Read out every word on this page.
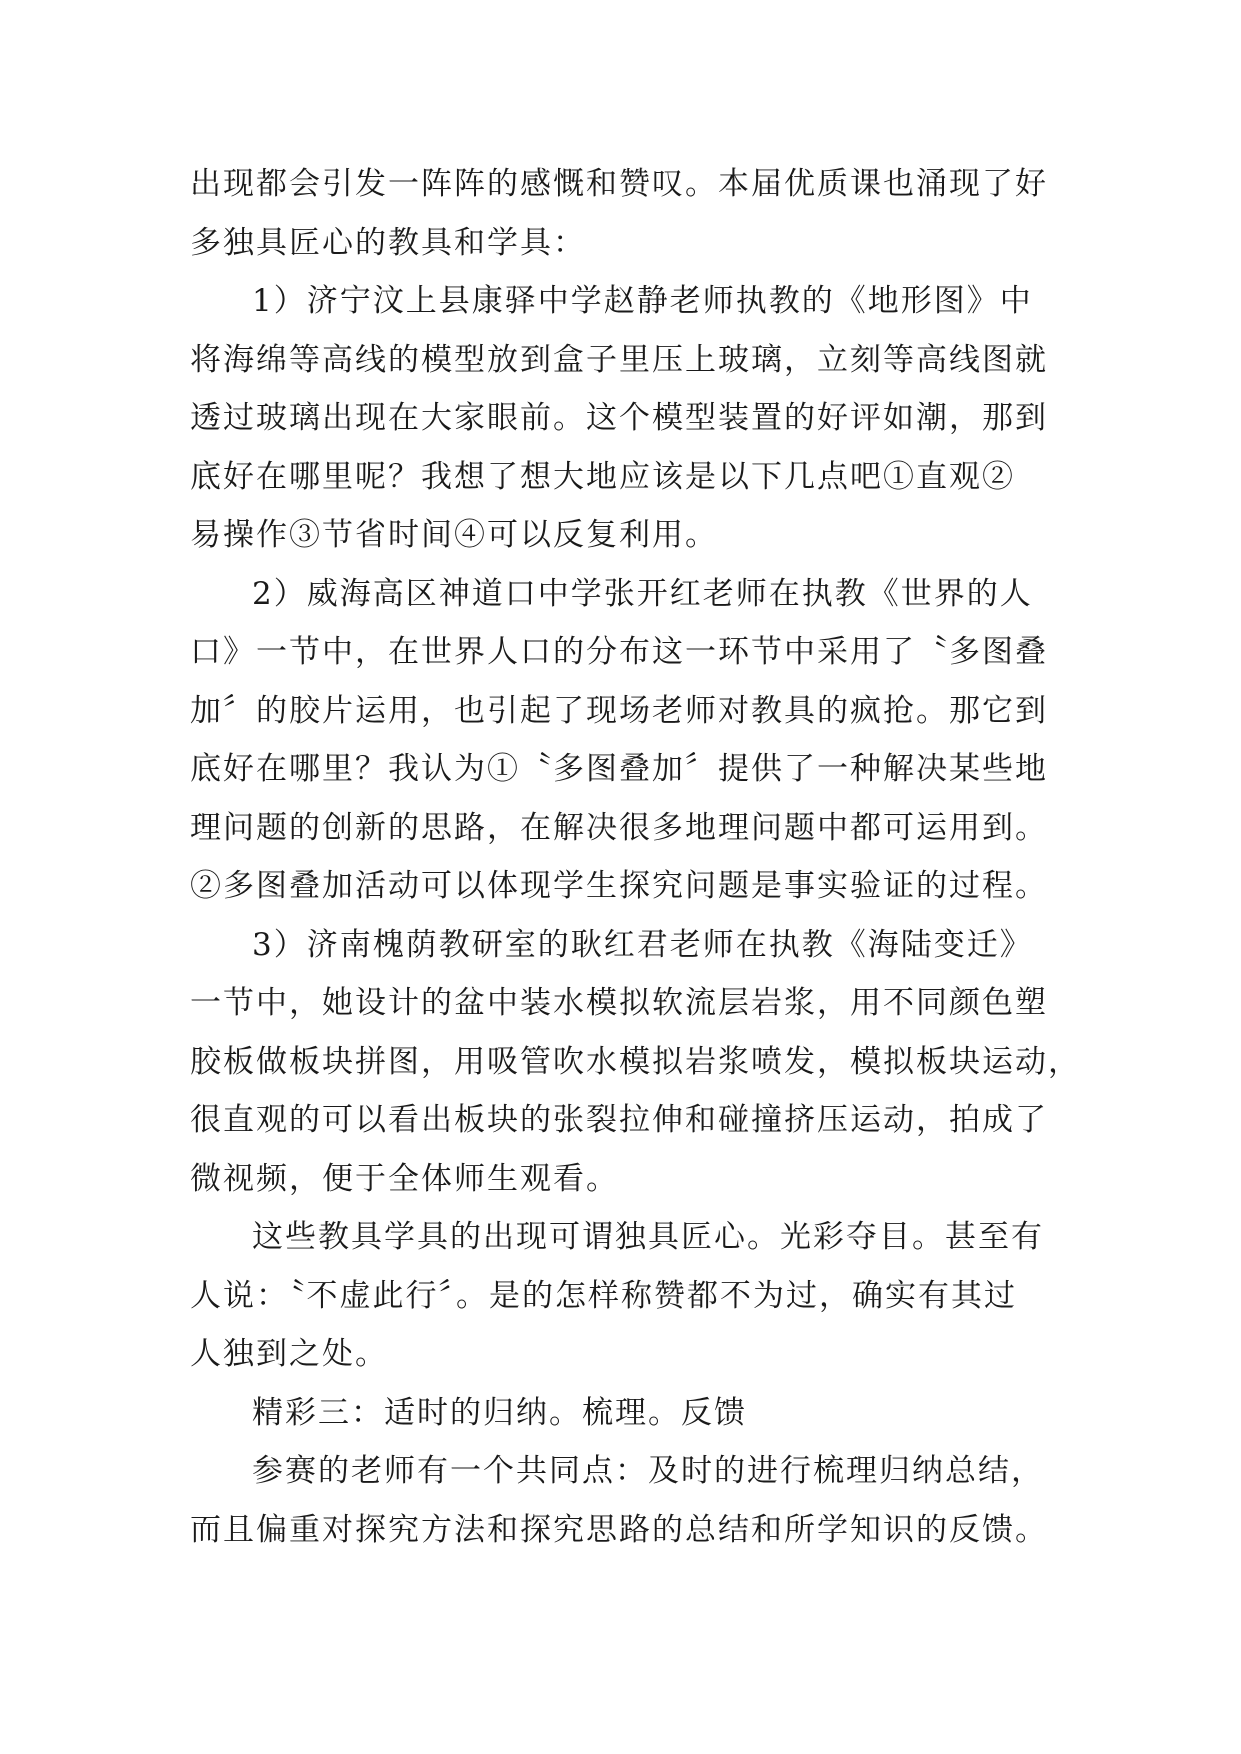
出现都会引发一阵阵的感慨和赞叹。本届优质课也涌现了好
多独具匠心的教具和学具：
1）济宁汶上县康驿中学赵静老师执教的《地形图》中
将海绵等高线的模型放到盒子里压上玻璃，立刻等高线图就
透过玻璃出现在大家眼前。这个模型装置的好评如潮，那到
底好在哪里呢？我想了想大地应该是以下几点吧①直观②
易操作③节省时间④可以反复利用。
2）威海高区神道口中学张开红老师在执教《世界的人
口》一节中，在世界人口的分布这一环节中采用了〝多图叠
加〞的胶片运用，也引起了现场老师对教具的疯抢。那它到
底好在哪里？我认为①〝多图叠加〞提供了一种解决某些地
理问题的创新的思路，在解决很多地理问题中都可运用到。
②多图叠加活动可以体现学生探究问题是事实验证的过程。
3）济南槐荫教研室的耿红君老师在执教《海陆变迁》
一节中，她设计的盆中装水模拟软流层岩浆，用不同颜色塑
胶板做板块拼图，用吸管吹水模拟岩浆喷发，模拟板块运动，
很直观的可以看出板块的张裂拉伸和碰撞挤压运动，拍成了
微视频，便于全体师生观看。
这些教具学具的出现可谓独具匠心。光彩夺目。甚至有
人说：〝不虚此行〞。是的怎样称赞都不为过，确实有其过
人独到之处。
精彩三：适时的归纳。梳理。反馈
参赛的老师有一个共同点：及时的进行梳理归纳总结，
而且偏重对探究方法和探究思路的总结和所学知识的反馈。
